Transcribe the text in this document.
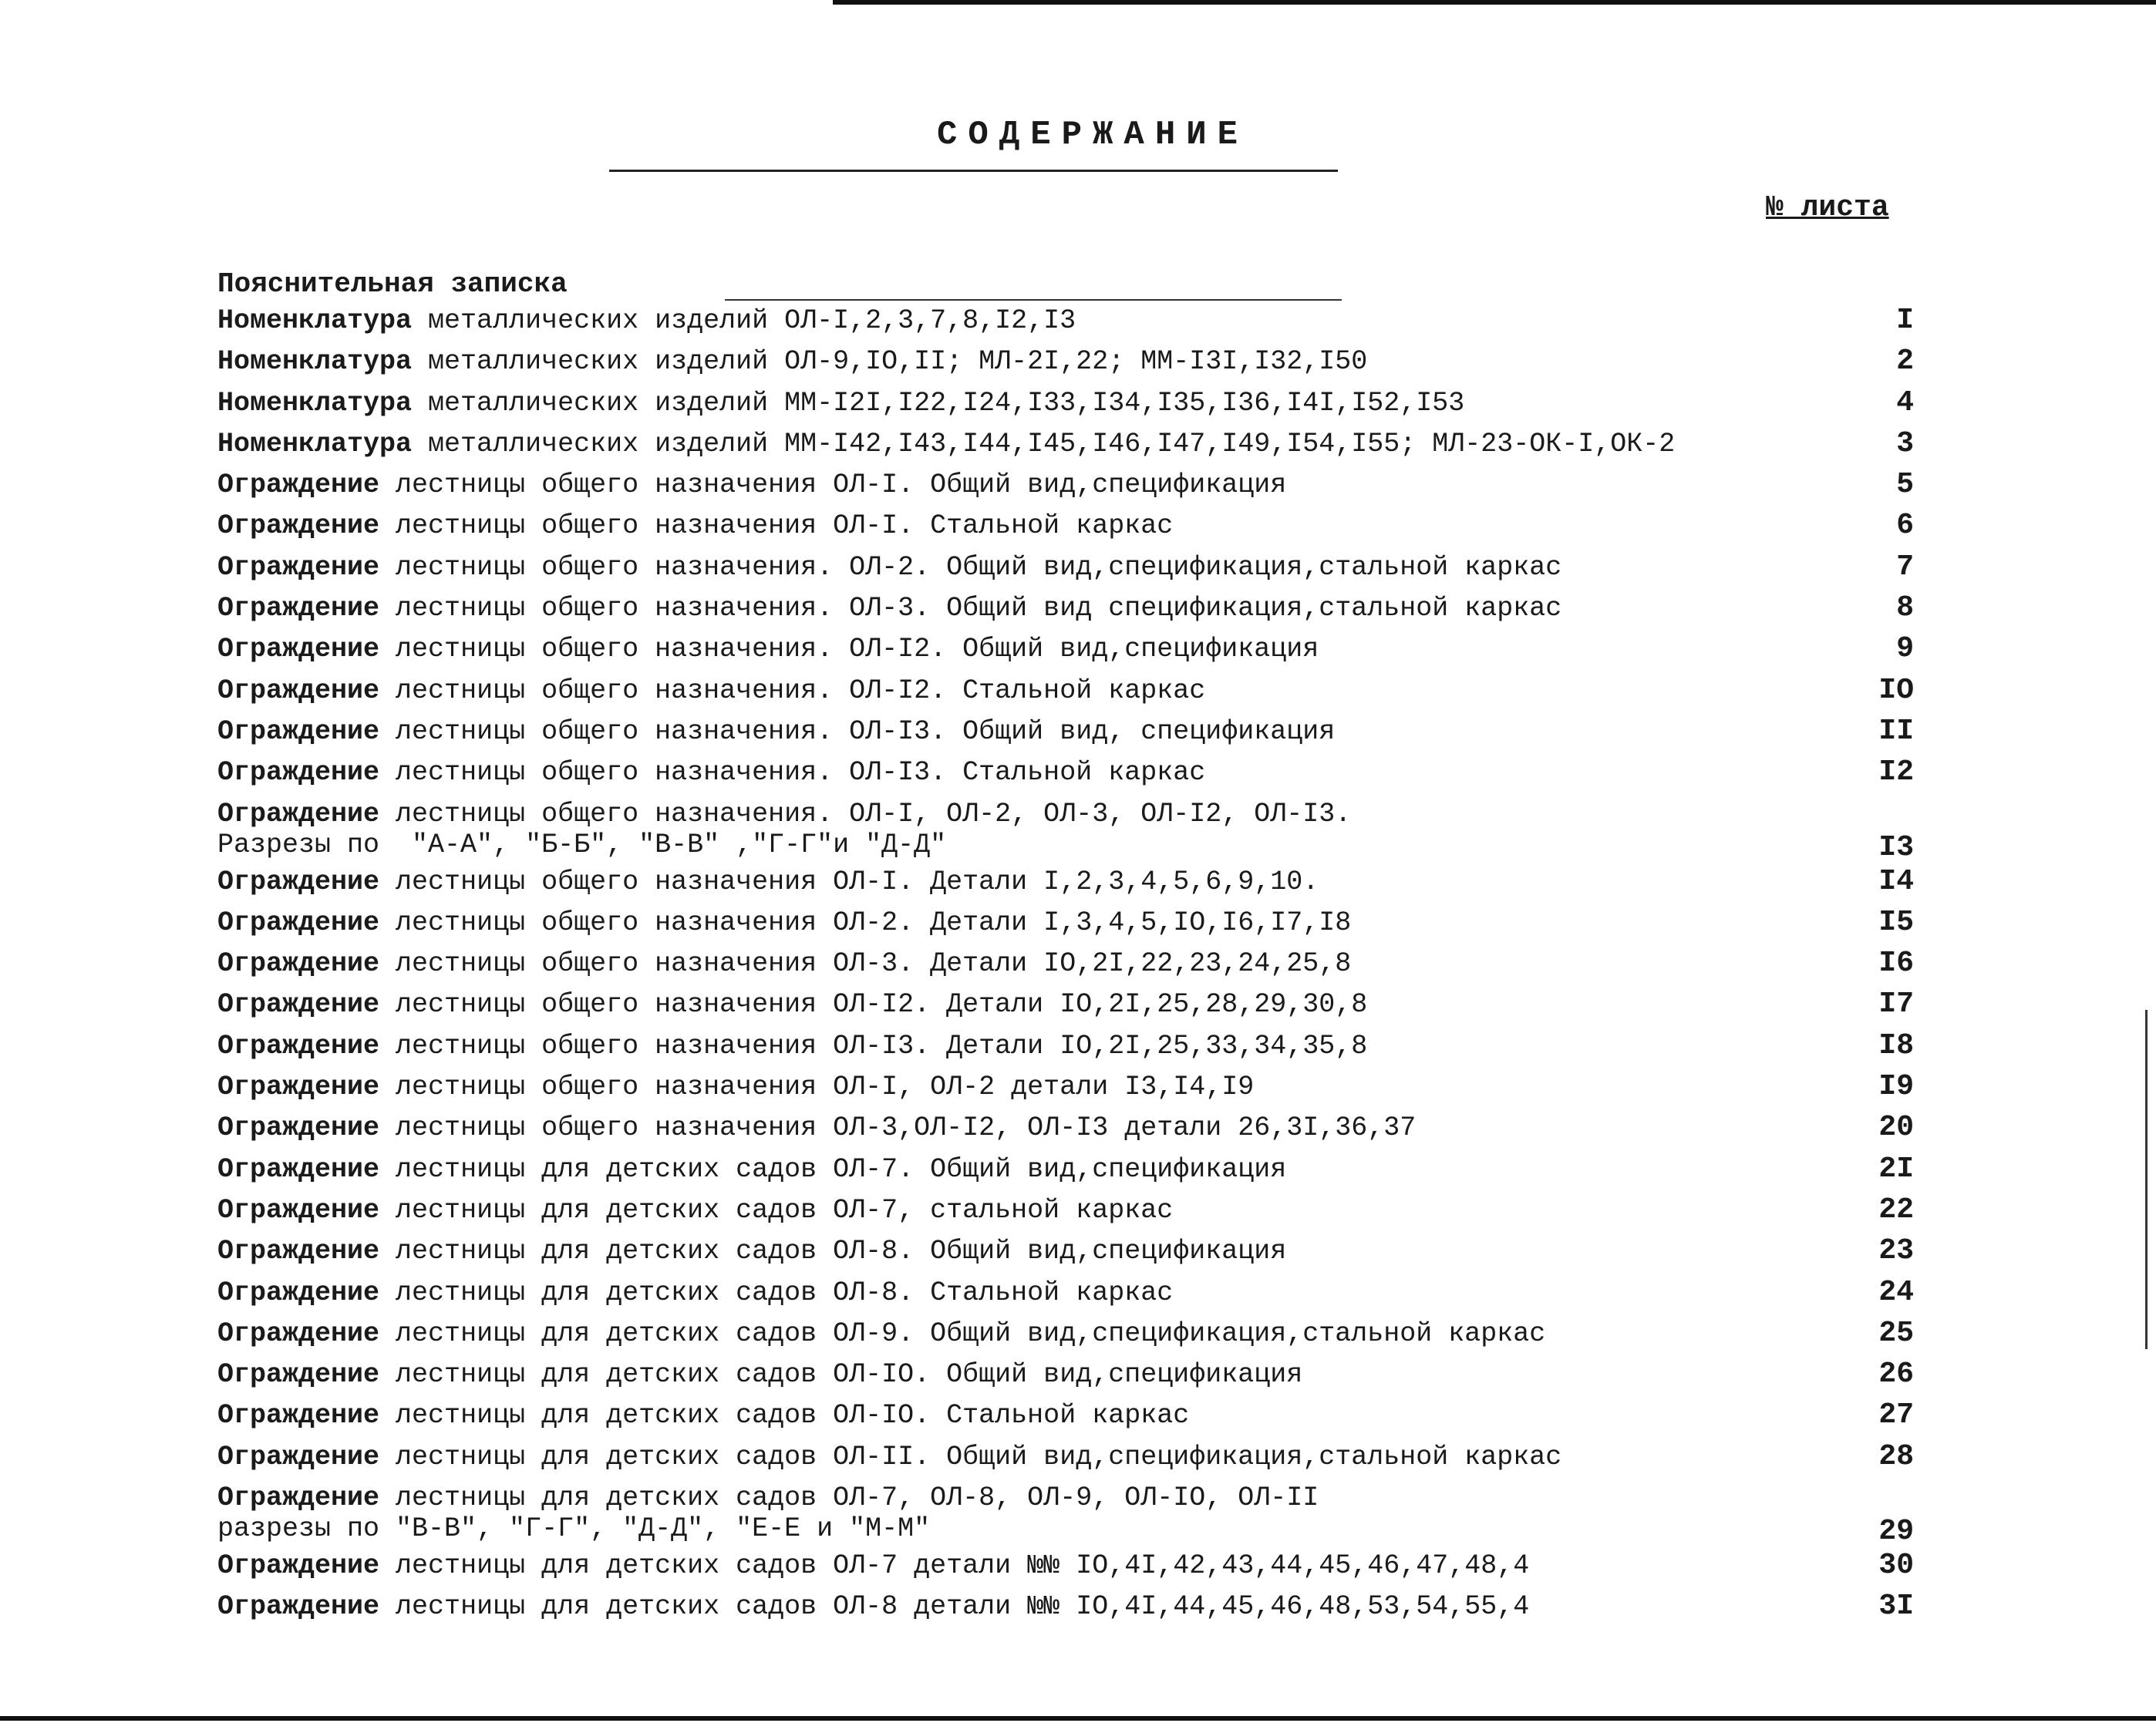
СОДЕРЖАНИЕ
№ листа
Пояснительная записка
Номенклатура металлических изделий ОЛ-I,2,3,7,8,I2,I3	I
Номенклатура металлических изделий ОЛ-9,IO,II; МЛ-2I,22; ММ-I3I,I32,I50	2
Номенклатура металлических изделий ММ-I2I,I22,I24,I33,I34,I35,I36,I4I,I52,I53	4
Номенклатура металлических изделий ММ-I42,I43,I44,I45,I46,I47,I49,I54,I55; МЛ-23-ОК-I,ОК-2	3
Ограждение лестницы общего назначения ОЛ-I. Общий вид,спецификация	5
Ограждение лестницы общего назначения ОЛ-I. Стальной каркас	6
Ограждение лестницы общего назначения. ОЛ-2. Общий вид,спецификация,стальной каркас	7
Ограждение лестницы общего назначения. ОЛ-3. Общий вид спецификация,стальной каркас	8
Ограждение лестницы общего назначения. ОЛ-I2. Общий вид,спецификация	9
Ограждение лестницы общего назначения. ОЛ-I2. Стальной каркас	IO
Ограждение лестницы общего назначения. ОЛ-I3. Общий вид, спецификация	II
Ограждение лестницы общего назначения. ОЛ-I3. Стальной каркас	I2
Ограждение лестницы общего назначения. ОЛ-I, ОЛ-2, ОЛ-3, ОЛ-I2, ОЛ-I3.
Разрезы по  "А-А", "Б-Б", "В-В" ,"Г-Г"и "Д-Д"	I3
Ограждение лестницы общего назначения ОЛ-I. Детали I,2,3,4,5,6,9,10.	I4
Ограждение лестницы общего назначения ОЛ-2. Детали I,3,4,5,IO,I6,I7,I8	I5
Ограждение лестницы общего назначения ОЛ-3. Детали IO,2I,22,23,24,25,8	I6
Ограждение лестницы общего назначения ОЛ-I2. Детали IO,2I,25,28,29,30,8	I7
Ограждение лестницы общего назначения ОЛ-I3. Детали IO,2I,25,33,34,35,8	I8
Ограждение лестницы общего назначения ОЛ-I, ОЛ-2 детали I3,I4,I9	I9
Ограждение лестницы общего назначения ОЛ-3,ОЛ-I2, ОЛ-I3 детали 26,3I,36,37	20
Ограждение лестницы для детских садов ОЛ-7. Общий вид,спецификация	2I
Ограждение лестницы для детских садов ОЛ-7, стальной каркас	22
Ограждение лестницы для детских садов ОЛ-8. Общий вид,спецификация	23
Ограждение лестницы для детских садов ОЛ-8. Стальной каркас	24
Ограждение лестницы для детских садов ОЛ-9. Общий вид,спецификация,стальной каркас	25
Ограждение лестницы для детских садов ОЛ-IO. Общий вид,спецификация	26
Ограждение лестницы для детских садов ОЛ-IO. Стальной каркас	27
Ограждение лестницы для детских садов ОЛ-II. Общий вид,спецификация,стальной каркас	28
Ограждение лестницы для детских садов ОЛ-7, ОЛ-8, ОЛ-9, ОЛ-IO, ОЛ-II
разрезы по "В-В", "Г-Г", "Д-Д", "Е-Е и "М-М"	29
Ограждение лестницы для детских садов ОЛ-7 детали №№ IO,4I,42,43,44,45,46,47,48,4	30
Ограждение лестницы для детских садов ОЛ-8 детали №№ IO,4I,44,45,46,48,53,54,55,4	3I
